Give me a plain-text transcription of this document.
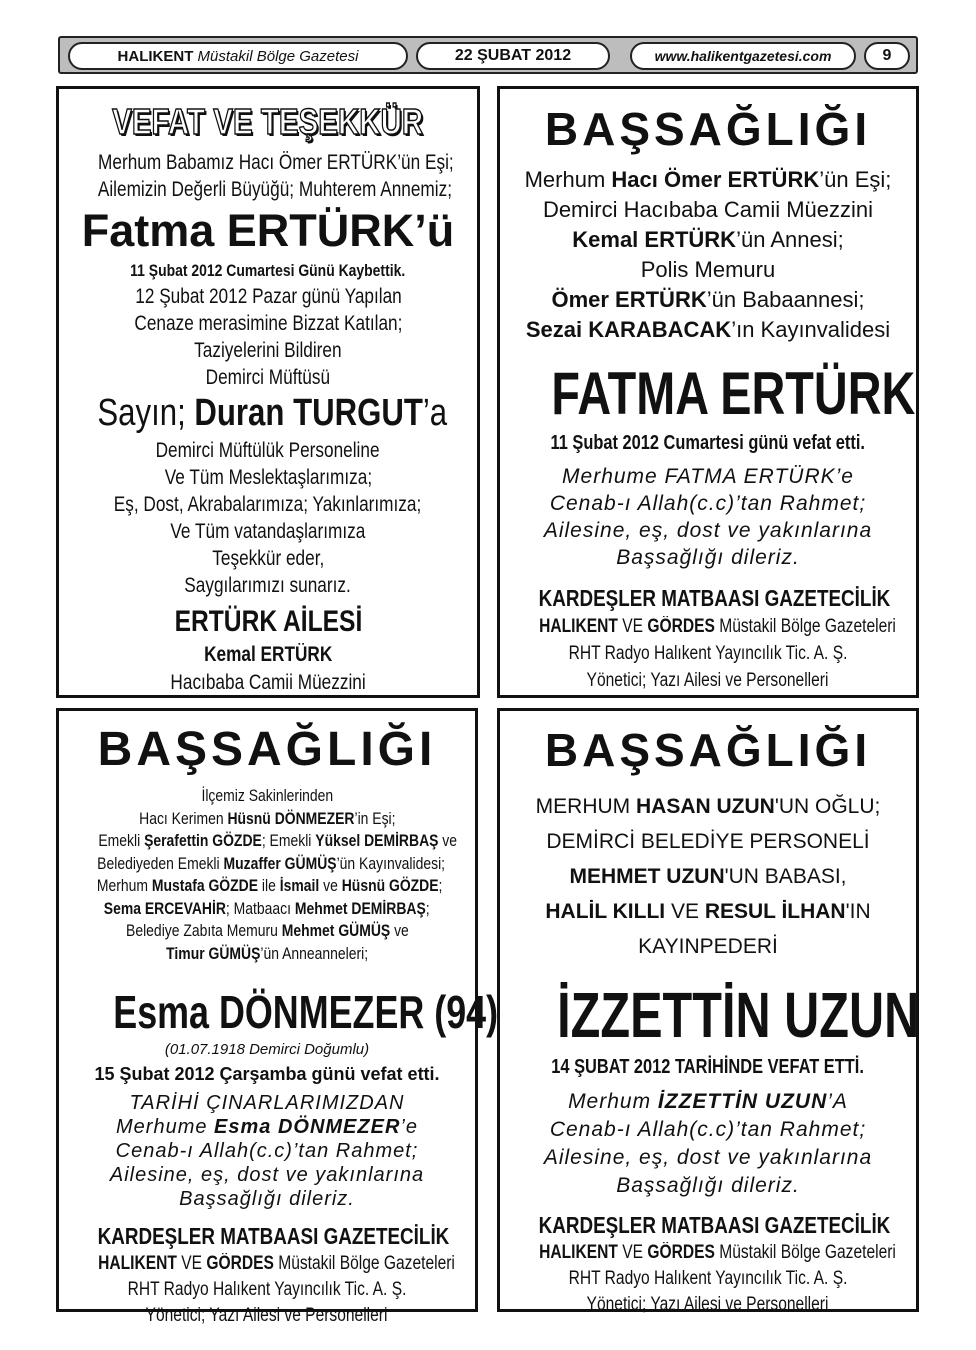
HALIKENT
Müstakil Bölge Gazetesi	22 ŞUBAT 2012	www.halikentgazetesi.com	9
VEFAT VE TEŞEKKÜR
Merhum Babamız Hacı Ömer ERTÜRK’ün Eşi;
Ailemizin Değerli Büyüğü; Muhterem Annemiz;
Fatma ERTÜRK’ü
11 Şubat 2012 Cumartesi Günü Kaybettik.
12 Şubat 2012 Pazar günü Yapılan
Cenaze merasimine Bizzat Katılan;
Taziyelerini Bildiren
Demirci Müftüsü
Sayın; Duran TURGUT’a
Demirci Müftülük Personeline
Ve Tüm Meslektaşlarımıza;
Eş, Dost, Akrabalarımıza; Yakınlarımıza;
Ve Tüm vatandaşlarımıza
Teşekkür eder,
Saygılarımızı sunarız.
ERTÜRK AİLESİ
Kemal ERTÜRK
Hacıbaba Camii Müezzini
BAŞSAĞLIĞI
Merhum Hacı Ömer ERTÜRK’ün Eşi;
Demirci Hacıbaba Camii Müezzini
Kemal ERTÜRK’ün Annesi;
Polis Memuru
Ömer ERTÜRK’ün Babaannesi;
Sezai KARABACAK’ın Kayınvalidesi
FATMA ERTÜRK
11 Şubat 2012 Cumartesi günü vefat etti.
Merhume FATMA ERTÜRK’e
Cenab-ı Allah(c.c)’tan Rahmet;
Ailesine, eş, dost ve yakınlarına
Başsağlığı dileriz.
KARDEŞLER MATBAASI GAZETECİLİK
HALIKENT VE GÖRDES Müstakil Bölge Gazeteleri
RHT Radyo Halıkent Yayıncılık Tic. A. Ş.
Yönetici; Yazı Ailesi ve Personelleri
BAŞSAĞLIĞI
İlçemiz Sakinlerinden
Hacı Kerimen Hüsnü DÖNMEZER’in Eşi;
Emekli Şerafettin GÖZDE; Emekli Yüksel DEMİRBAŞ ve
Belediyeden Emekli Muzaffer GÜMÜŞ’ün Kayınvalidesi;
Merhum Mustafa GÖZDE ile İsmail ve Hüsnü GÖZDE;
Sema ERCEVAHİR; Matbaacı Mehmet DEMİRBAŞ;
Belediye Zabıta Memuru Mehmet GÜMÜŞ ve
Timur GÜMÜŞ’ün Anneanneleri;
Esma DÖNMEZER (94)
(01.07.1918 Demirci Doğumlu)
15 Şubat 2012 Çarşamba günü vefat etti.
TARİHİ ÇINARLARIMIZDAN
Merhume Esma DÖNMEZER’e
Cenab-ı Allah(c.c)’tan Rahmet;
Ailesine, eş, dost ve yakınlarına
Başsağlığı dileriz.
KARDEŞLER MATBAASI GAZETECİLİK
HALIKENT VE GÖRDES Müstakil Bölge Gazeteleri
RHT Radyo Halıkent Yayıncılık Tic. A. Ş.
Yönetici; Yazı Ailesi ve Personelleri
BAŞSAĞLIĞI
MERHUM HASAN UZUN'UN OĞLU;
DEMİRCİ BELEDİYE PERSONELİ
MEHMET UZUN'UN BABASI,
HALİL KILLI VE RESUL İLHAN'IN
KAYINPEDERİ
İZZETTİN UZUN
14 ŞUBAT 2012 TARİHİNDE VEFAT ETTİ.
Merhum İZZETTİN UZUN’A
Cenab-ı Allah(c.c)’tan Rahmet;
Ailesine, eş, dost ve yakınlarına
Başsağlığı dileriz.
KARDEŞLER MATBAASI GAZETECİLİK
HALIKENT VE GÖRDES Müstakil Bölge Gazeteleri
RHT Radyo Halıkent Yayıncılık Tic. A. Ş.
Yönetici; Yazı Ailesi ve Personelleri
